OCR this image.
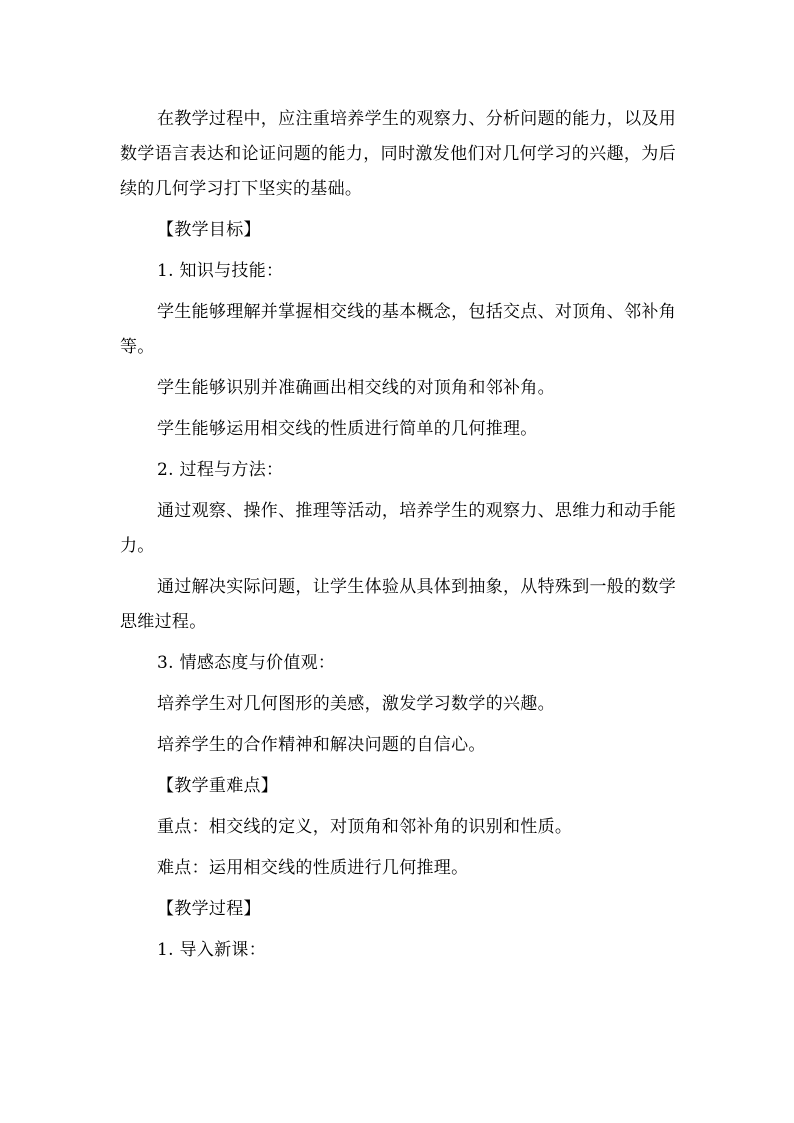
在教学过程中，应注重培养学生的观察力、分析问题的能力，以及用数学语言表达和论证问题的能力，同时激发他们对几何学习的兴趣，为后续的几何学习打下坚实的基础。

【教学目标】

1. 知识与技能：

学生能够理解并掌握相交线的基本概念，包括交点、对顶角、邻补角等。

学生能够识别并准确画出相交线的对顶角和邻补角。

学生能够运用相交线的性质进行简单的几何推理。

2. 过程与方法：

通过观察、操作、推理等活动，培养学生的观察力、思维力和动手能力。

通过解决实际问题，让学生体验从具体到抽象，从特殊到一般的数学思维过程。

3. 情感态度与价值观：

培养学生对几何图形的美感，激发学习数学的兴趣。

培养学生的合作精神和解决问题的自信心。

【教学重难点】

重点：相交线的定义，对顶角和邻补角的识别和性质。

难点：运用相交线的性质进行几何推理。

【教学过程】

1. 导入新课：
